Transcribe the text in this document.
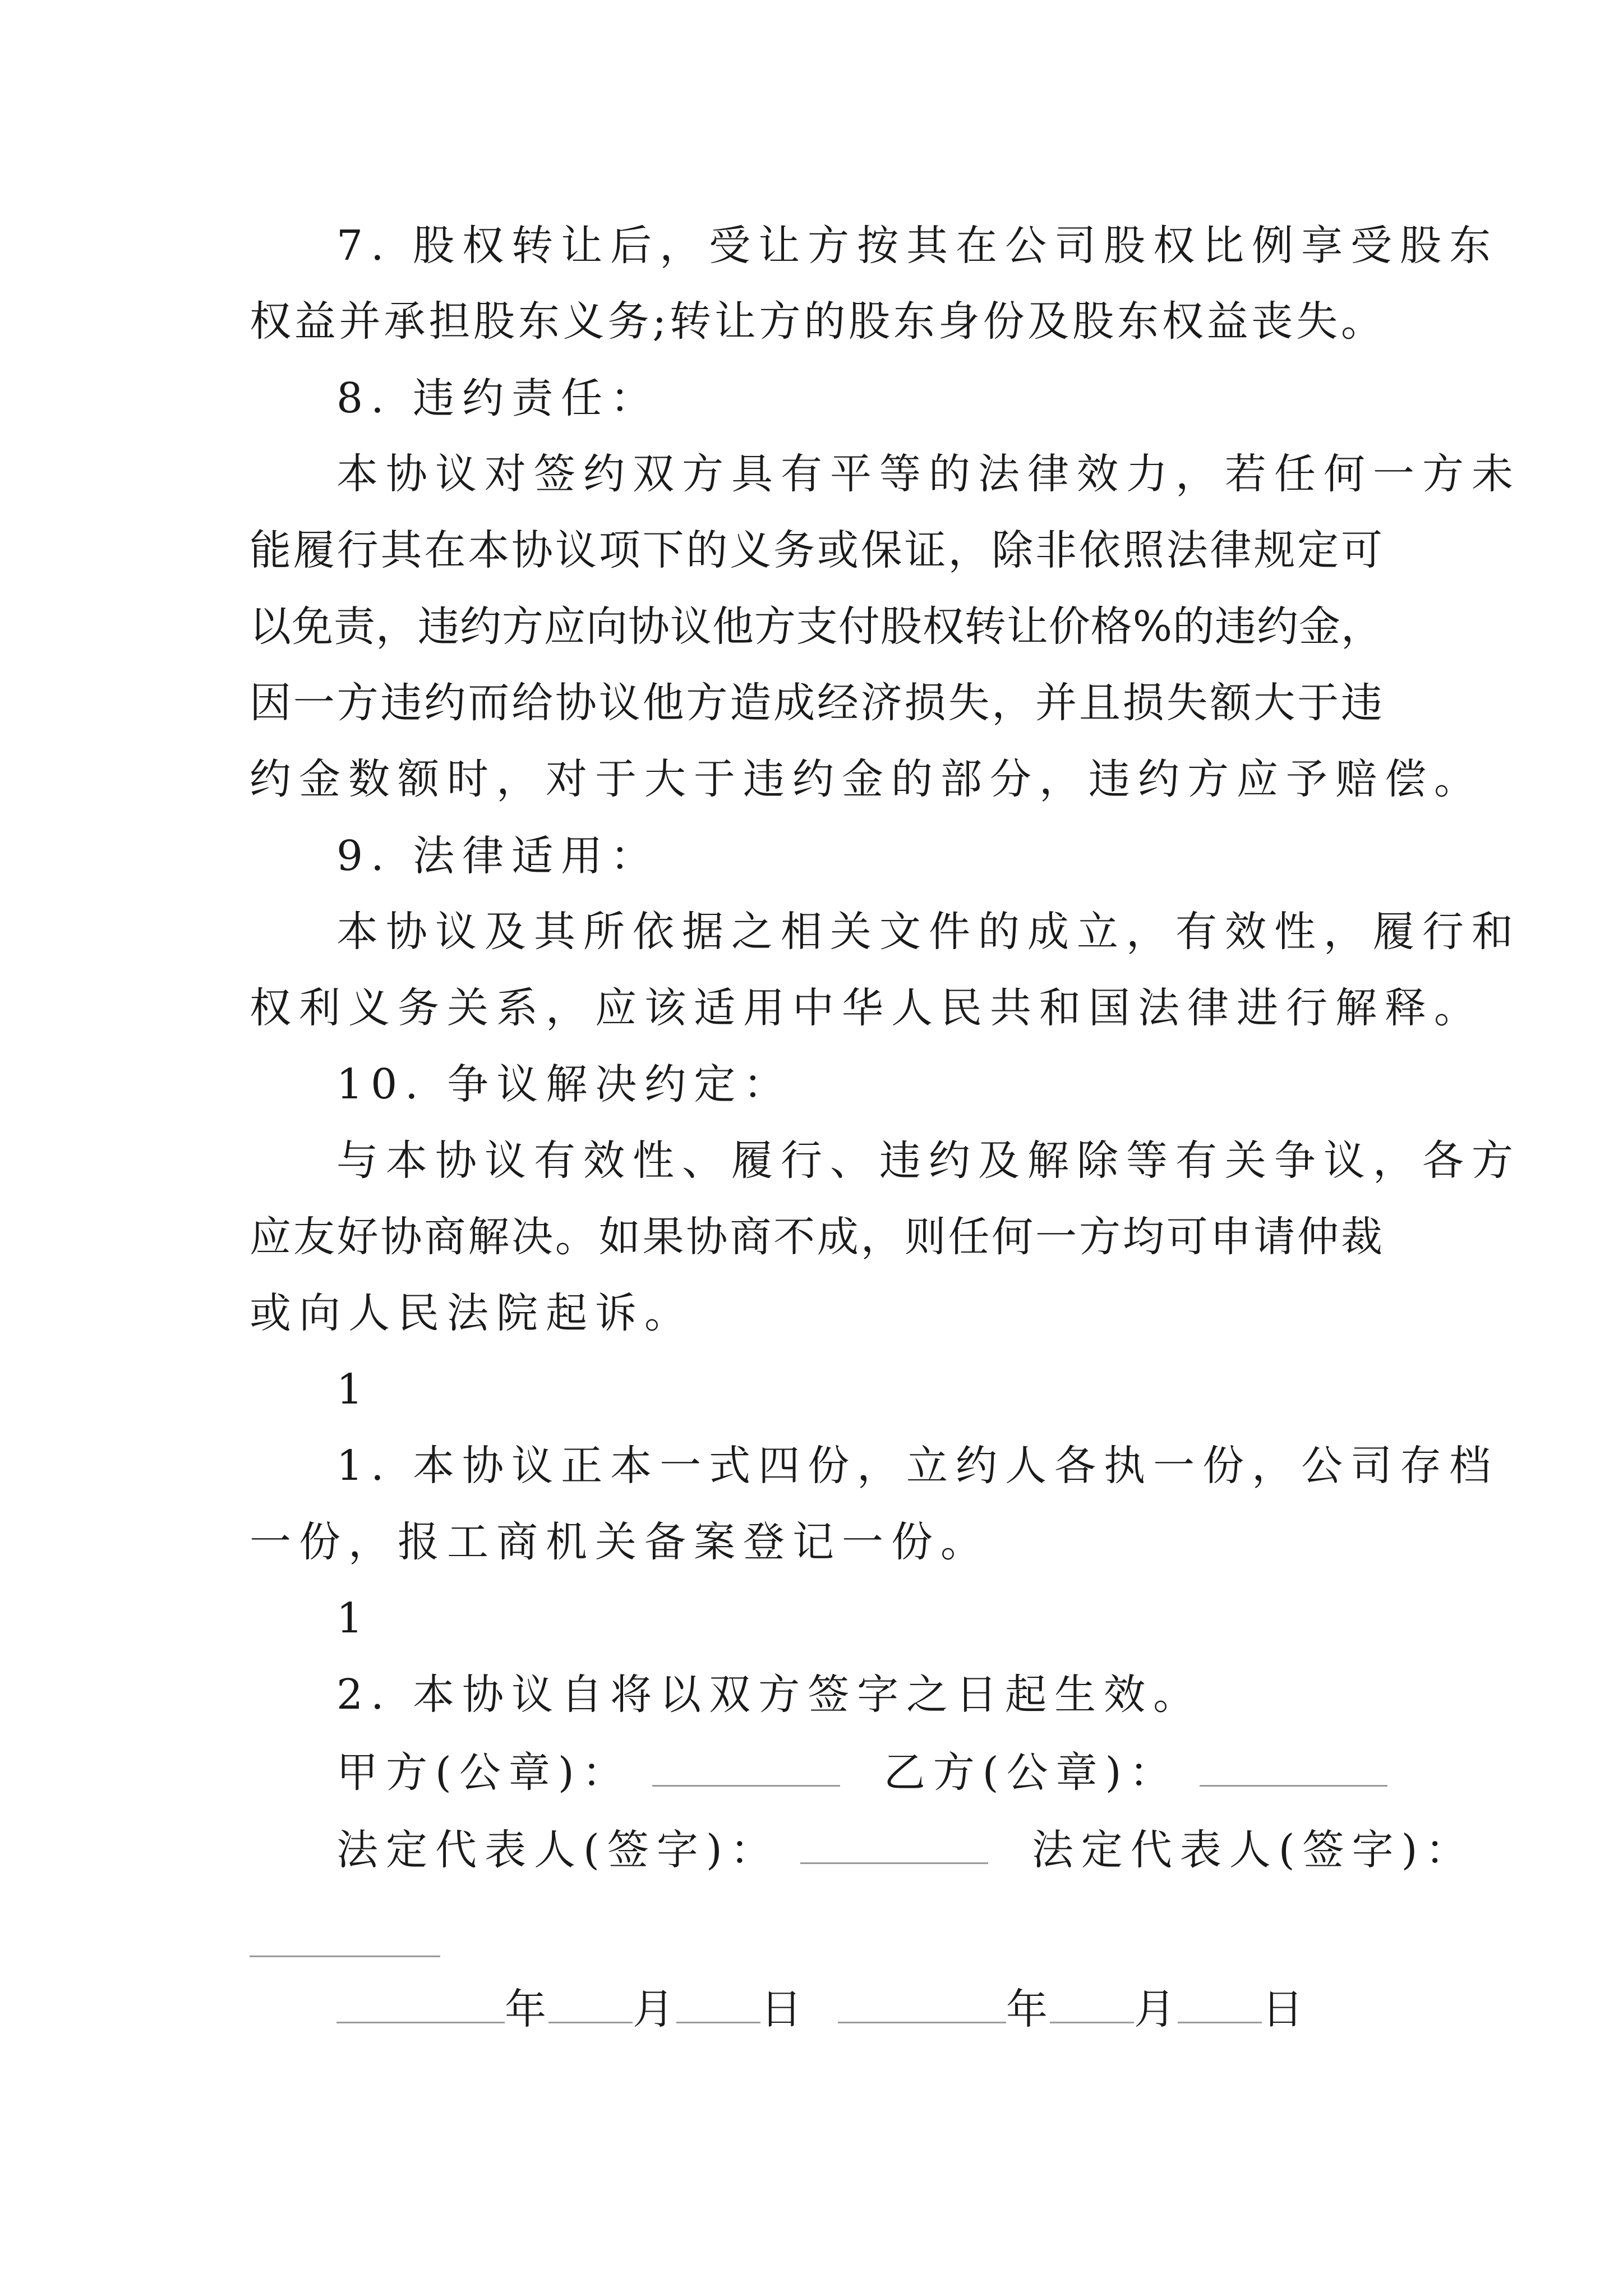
7. 股权转让后，受让方按其在公司股权比例享受股东
权益并承担股东义务;转让方的股东身份及股东权益丧失。
8. 违约责任：
本协议对签约双方具有平等的法律效力，若任何一方未
能履行其在本协议项下的义务或保证，除非依照法律规定可
以免责，违约方应向协议他方支付股权转让价格%的违约金，
因一方违约而给协议他方造成经济损失，并且损失额大于违
约金数额时，对于大于违约金的部分，违约方应予赔偿。
9. 法律适用：
本协议及其所依据之相关文件的成立，有效性，履行和
权利义务关系，应该适用中华人民共和国法律进行解释。
10. 争议解决约定：
与本协议有效性、履行、违约及解除等有关争议，各方
应友好协商解决。如果协商不成，则任何一方均可申请仲裁
或向人民法院起诉。
1
1. 本协议正本一式四份，立约人各执一份，公司存档
一份，报工商机关备案登记一份。
1
2. 本协议自将以双方签字之日起生效。
甲方(公章)：	乙方(公章)：
法定代表人(签字)：	法定代表人(签字)：
年 月 日	年 月 日
